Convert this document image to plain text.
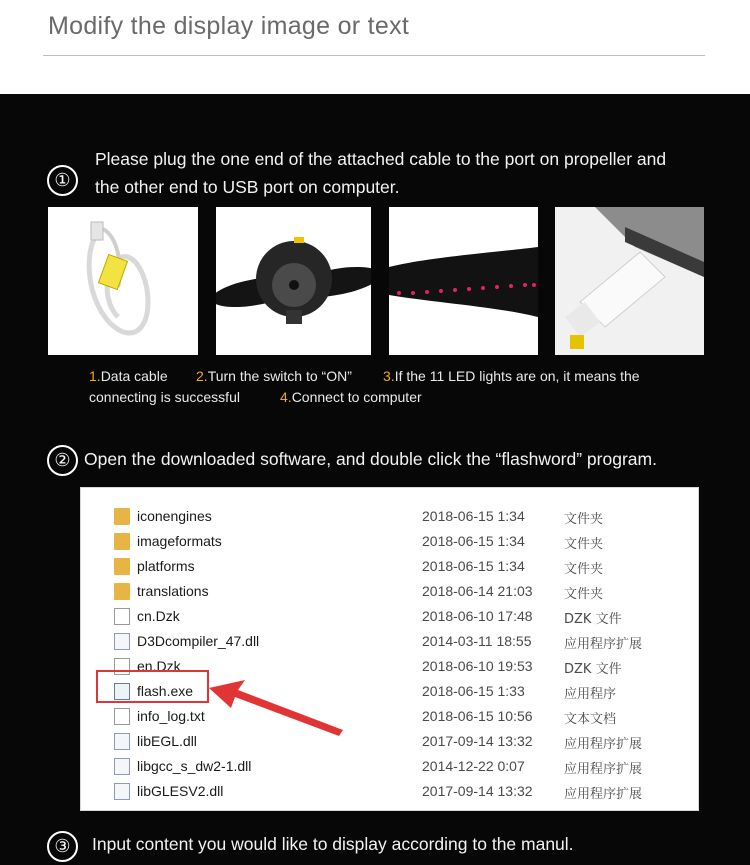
Modify the display image or text
①
Please plug the one end of the attached cable to the port on propeller and
the other end to USB port on computer.
1.Data cable 2.Turn the switch to “ON” 3.If the 11 LED lights are on, it means the
connecting is successful	4.Connect to computer
② Open the downloaded software, and double click the “flashword” program.
iconengines	2018-06-15 1:34	文件夹
imageformats	2018-06-15 1:34	文件夹
platforms	2018-06-15 1:34	文件夹
translations	2018-06-14 21:03 文件夹
cn.Dzk	2018-06-10 17:48 DZK 文件
D3Dcompiler_47.dll	2014-03-11 18:55	应用程序扩展
en.Dzk	2018-06-10 19:53 DZK 文件
flash.exe	2018-06-15 1:33	应用程序
info_log.txt	2018-06-15 10:56 文本文档
libEGL.dll	2017-09-14 13:32 应用程序扩展
libgcc_s_dw2-1.dll	2014-12-22 0:07	应用程序扩展
libGLESV2.dll	2017-09-14 13:32 应用程序扩展
③	Input content you would like to display according to the manul.
